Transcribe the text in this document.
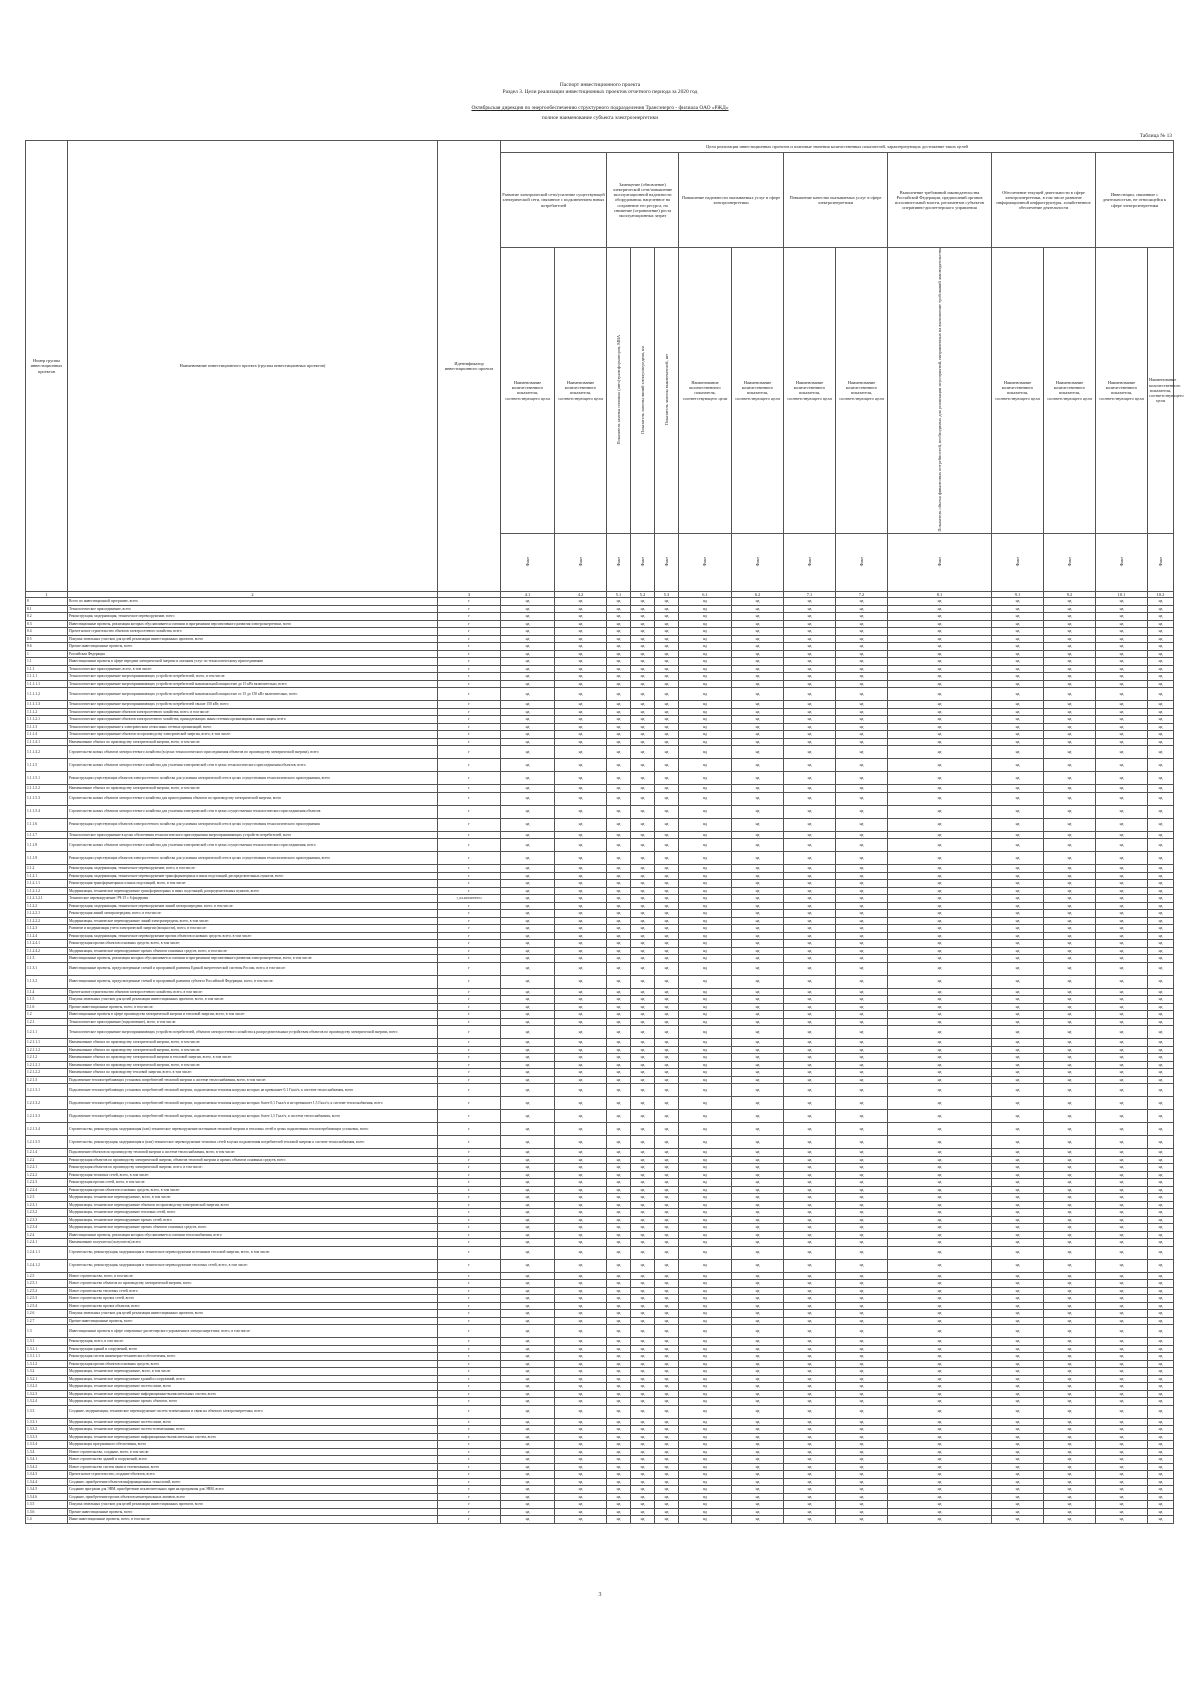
Паспорт инвестиционного проекта
Раздел 3. Цели реализации инвестиционных проектов отчетного периода за 2020 год
Октябрьская дирекция по энергообеспечению структурного подразделения Трансэнерго - филиала ОАО «РЖД»
полное наименование субъекта электроэнергетики
Таблица № 13
Номер группы инвестиционных проектов	Наименование инвестиционного проекта (группы инвестиционных проектов)	Идентификатор инвестиционного проекта	Цели реализации инвестиционных проектов и плановые значения количественных показателей, характеризующих достижение таких целей													
			Развитие электрической сети/усиление существующей электрической сети, связанное с подключением новых потребителей		Замещение (обновление) электрической сети/повышение эксплуатационной надежности оборудования, нацеленное на сохранение его ресурса, на снижение (ограничение) роста эксплуатационных затрат			Повышение надежности оказываемых услуг в сфере электроэнергетики		Повышение качества оказываемых услуг в сфере электроэнергетики		Выполнение требований законодательства Российской Федерации, предписаний органов исполнительной власти, регламентов субъектов оперативно-диспетчерского управления	Обеспечение текущей деятельности в сфере электроэнергетики, в том числе развитие информационной инфраструктуры, хозяйственное обеспечение деятельности		Инвестиции, связанные с деятельностью, не относящейся к сфере электроэнергетики	
			Наименование количественного показателя, соответствующего цели	Наименование количественного показателя, соответствующего цели	Показатель замены силовых (авто)трансформаторов, МВА	Показатель замены линий электропередачи, км	Показатель замены выключателей, шт	Наименование количественного показателя, соответствующего цели	Наименование количественного показателя, соответствующего цели	Наименование количественного показателя, соответствующего цели	Наименование количественного показателя, соответствующего цели	Показатель объема финансовых потребностей, необходимых для реализации мероприятий, направленных на выполнение требований законодательства	Наименование количественного показателя, соответствующего цели	Наименование количественного показателя, соответствующего цели	Наименование количественного показателя, соответствующего цели	Наименование количественного показателя, соответствующего цели
			Факт	Факт	Факт	Факт	Факт	Факт	Факт	Факт	Факт	Факт	Факт	Факт	Факт	Факт
1	2	3	4.1	4.2	5.1	5.2	5.3	6.1	6.2	7.1	7.2	8.1	9.1	9.2	10.1	10.2
0	Всего по инвестиционной программе, всего	Г	нд	нд	нд	нд	нд	нд	нд	нд	нд	нд	нд	нд	нд	нд
0.1	Технологическое присоединение, всего	Г	нд	нд	нд	нд	нд	нд	нд	нд	нд	нд	нд	нд	нд	нд
0.2	Реконструкция, модернизация, техническое перевооружение, всего	Г	нд	нд	нд	нд	нд	нд	нд	нд	нд	нд	нд	нд	нд	нд
0.3	Инвестиционные проекты, реализация которых обуславливается схемами и программами перспективного развития электроэнергетики, всего	Г	нд	нд	нд	нд	нд	нд	нд	нд	нд	нд	нд	нд	нд	нд
0.4	Прочее новое строительство объектов электросетевого хозяйства, всего	Г	нд	нд	нд	нд	нд	нд	нд	нд	нд	нд	нд	нд	нд	нд
0.5	Покупка земельных участков для целей реализации инвестиционных проектов, всего	Г	нд	нд	нд	нд	нд	нд	нд	нд	нд	нд	нд	нд	нд	нд
0.6	Прочие инвестиционные проекты, всего	Г	нд	нд	нд	нд	нд	нд	нд	нд	нд	нд	нд	нд	нд	нд
1	Российская Федерация	Г	нд	нд	нд	нд	нд	нд	нд	нд	нд	нд	нд	нд	нд	нд
1.1	Инвестиционные проекты в сфере передачи электрической энергии и оказания услуг по технологическому присоединению	Г	нд	нд	нд	нд	нд	нд	нд	нд	нд	нд	нд	нд	нд	нд
1.1.1	Технологическое присоединение, всего, в том числе:	Г	нд	нд	нд	нд	нд	нд	нд	нд	нд	нд	нд	нд	нд	нд
1.1.1.1	Технологическое присоединение энергопринимающих устройств потребителей, всего, в том числе:	Г	нд	нд	нд	нд	нд	нд	нд	нд	нд	нд	нд	нд	нд	нд
1.1.1.1.1	Технологическое присоединение энергопринимающих устройств потребителей максимальной мощностью до 15 кВт включительно, всего	Г	нд	нд	нд	нд	нд	нд	нд	нд	нд	нд	нд	нд	нд	нд
1.1.1.1.2	Технологическое присоединение энергопринимающих устройств потребителей максимальной мощностью от 15 до 150 кВт включительно, всего	Г	нд	нд	нд	нд	нд	нд	нд	нд	нд	нд	нд	нд	нд	нд
1.1.1.1.3	Технологическое присоединение энергопринимающих устройств потребителей свыше 150 кВт, всего	Г	нд	нд	нд	нд	нд	нд	нд	нд	нд	нд	нд	нд	нд	нд
1.1.1.2	Технологическое присоединение объектов электросетевого хозяйства, всего, в том числе:	Г	нд	нд	нд	нд	нд	нд	нд	нд	нд	нд	нд	нд	нд	нд
1.1.1.2.1	Технологическое присоединение объектов электросетевого хозяйства, принадлежащих иным сетевым организациям и иным лицам, всего	Г	нд	нд	нд	нд	нд	нд	нд	нд	нд	нд	нд	нд	нд	нд
1.1.1.3	Технологическое присоединение к электрическим сетям иных сетевых организаций, всего	Г	нд	нд	нд	нд	нд	нд	нд	нд	нд	нд	нд	нд	нд	нд
1.1.1.4	Технологическое присоединение объектов по производству электрической энергии, всего, в том числе:	Г	нд	нд	нд	нд	нд	нд	нд	нд	нд	нд	нд	нд	нд	нд
1.1.1.4.1	Наименование объекта по производству электрической энергии, всего, в том числе:	Г	нд	нд	нд	нд	нд	нд	нд	нд	нд	нд	нд	нд	нд	нд
1.1.1.4.2	Строительство новых объектов электросетевого хозяйства (в целях технологического присоединения объектов по производству электрической энергии), всего	Г	нд	нд	нд	нд	нд	нд	нд	нд	нд	нд	нд	нд	нд	нд
1.1.1.5	Строительство новых объектов электросетевого хозяйства для усиления электрической сети в целях технологического присоединения объектов, всего	Г	нд	нд	нд	нд	нд	нд	нд	нд	нд	нд	нд	нд	нд	нд
1.1.1.5.1	Реконструкция существующих объектов электросетевого хозяйства для усиления электрической сети в целях осуществления технологического присоединения, всего	Г	нд	нд	нд	нд	нд	нд	нд	нд	нд	нд	нд	нд	нд	нд
1.1.1.5.2	Наименование объекта по производству электрической энергии, всего, в том числе:	Г	нд	нд	нд	нд	нд	нд	нд	нд	нд	нд	нд	нд	нд	нд
1.1.1.5.3	Строительство новых объектов электросетевого хозяйства для присоединения объектов по производству электрической энергии, всего	Г	нд	нд	нд	нд	нд	нд	нд	нд	нд	нд	нд	нд	нд	нд
1.1.1.5.4	Строительство новых объектов электросетевого хозяйства для усиления электрической сети в целях осуществления технологического присоединения объектов	Г	нд	нд	нд	нд	нд	нд	нд	нд	нд	нд	нд	нд	нд	нд
1.1.1.6	Реконструкция существующих объектов электросетевого хозяйства для усиления электрической сети в целях осуществления технологического присоединения	Г	нд	нд	нд	нд	нд	нд	нд	нд	нд	нд	нд	нд	нд	нд
1.1.1.7	Технологическое присоединение в целях обеспечения технологического присоединения энергопринимающих устройств потребителей, всего	Г	нд	нд	нд	нд	нд	нд	нд	нд	нд	нд	нд	нд	нд	нд
1.1.1.8	Строительство новых объектов электросетевого хозяйства для усиления электрической сети в целях осуществления технологического присоединения, всего	Г	нд	нд	нд	нд	нд	нд	нд	нд	нд	нд	нд	нд	нд	нд
1.1.1.9	Реконструкция существующих объектов электросетевого хозяйства для усиления электрической сети в целях осуществления технологического присоединения, всего	Г	нд	нд	нд	нд	нд	нд	нд	нд	нд	нд	нд	нд	нд	нд
1.1.2	Реконструкция, модернизация, техническое перевооружение, всего, в том числе:	Г	нд	нд	нд	нд	нд	нд	нд	нд	нд	нд	нд	нд	нд	нд
1.1.2.1	Реконструкция, модернизация, техническое перевооружение трансформаторных и иных подстанций, распределительных пунктов, всего	Г	нд	нд	нд	нд	нд	нд	нд	нд	нд	нд	нд	нд	нд	нд
1.1.2.1.1	Реконструкция трансформаторных и иных подстанций, всего, в том числе:	Г	нд	нд	нд	нд	нд	нд	нд	нд	нд	нд	нд	нд	нд	нд
1.1.2.1.2	Модернизация, техническое перевооружение трансформаторных и иных подстанций, распределительных пунктов, всего	Г	нд	нд	нд	нд	нд	нд	нд	нд	нд	нд	нд	нд	нд	нд
1.1.2.1.2.1	Техническое перевооружение ЭЧ-15 с 6 фидерами	J_RLKHOEPEEO	нд	нд	нд	нд	нд	нд	нд	нд	нд	нд	нд	нд	нд	нд
1.1.2.2	Реконструкция, модернизация, техническое перевооружение линий электропередачи, всего, в том числе:	Г	нд	нд	нд	нд	нд	нд	нд	нд	нд	нд	нд	нд	нд	нд
1.1.2.2.1	Реконструкция линий электропередачи, всего, в том числе:	Г	нд	нд	нд	нд	нд	нд	нд	нд	нд	нд	нд	нд	нд	нд
1.1.2.2.2	Модернизация, техническое перевооружение линий электропередачи, всего, в том числе:	Г	нд	нд	нд	нд	нд	нд	нд	нд	нд	нд	нд	нд	нд	нд
1.1.2.3	Развитие и модернизация учета электрической энергии (мощности), всего, в том числе:	Г	нд	нд	нд	нд	нд	нд	нд	нд	нд	нд	нд	нд	нд	нд
1.1.2.4	Реконструкция, модернизация, техническое перевооружение прочих объектов основных средств, всего, в том числе:	Г	нд	нд	нд	нд	нд	нд	нд	нд	нд	нд	нд	нд	нд	нд
1.1.2.4.1	Реконструкция прочих объектов основных средств, всего, в том числе:	Г	нд	нд	нд	нд	нд	нд	нд	нд	нд	нд	нд	нд	нд	нд
1.1.2.4.2	Модернизация, техническое перевооружение прочих объектов основных средств, всего, в том числе:	Г	нд	нд	нд	нд	нд	нд	нд	нд	нд	нд	нд	нд	нд	нд
1.1.3	Инвестиционные проекты, реализация которых обуславливается схемами и программами перспективного развития электроэнергетики, всего, в том числе:	Г	нд	нд	нд	нд	нд	нд	нд	нд	нд	нд	нд	нд	нд	нд
1.1.3.1	Инвестиционные проекты, предусмотренные схемой и программой развития Единой энергетической системы России, всего, в том числе:	Г	нд	нд	нд	нд	нд	нд	нд	нд	нд	нд	нд	нд	нд	нд
1.1.3.2	Инвестиционные проекты, предусмотренные схемой и программой развития субъекта Российской Федерации, всего, в том числе:	Г	нд	нд	нд	нд	нд	нд	нд	нд	нд	нд	нд	нд	нд	нд
1.1.4	Прочее новое строительство объектов электросетевого хозяйства, всего, в том числе:	Г	нд	нд	нд	нд	нд	нд	нд	нд	нд	нд	нд	нд	нд	нд
1.1.5	Покупка земельных участков для целей реализации инвестиционных проектов, всего, в том числе:	Г	нд	нд	нд	нд	нд	нд	нд	нд	нд	нд	нд	нд	нд	нд
1.1.6	Прочие инвестиционные проекты, всего, в том числе:	Г	нд	нд	нд	нд	нд	нд	нд	нд	нд	нд	нд	нд	нд	нд
1.2	Инвестиционные проекты в сфере производства электрической энергии и тепловой энергии, всего, в том числе:	Г	нд	нд	нд	нд	нд	нд	нд	нд	нд	нд	нд	нд	нд	нд
1.2.1	Технологическое присоединение (подключение), всего, в том числе:	Г	нд	нд	нд	нд	нд	нд	нд	нд	нд	нд	нд	нд	нд	нд
1.2.1.1	Технологическое присоединение энергопринимающих устройств потребителей, объектов электросетевого хозяйства к распределительным устройствам объектов по производству электрической энергии, всего	Г	нд	нд	нд	нд	нд	нд	нд	нд	нд	нд	нд	нд	нд	нд
1.2.1.1.1	Наименование объекта по производству электрической энергии, всего, в том числе:	Г	нд	нд	нд	нд	нд	нд	нд	нд	нд	нд	нд	нд	нд	нд
1.2.1.1.2	Наименование объекта по производству электрической энергии, всего, в том числе:	Г	нд	нд	нд	нд	нд	нд	нд	нд	нд	нд	нд	нд	нд	нд
1.2.1.2	Наименование объекта по производству электрической энергии и тепловой энергии, всего, в том числе:	Г	нд	нд	нд	нд	нд	нд	нд	нд	нд	нд	нд	нд	нд	нд
1.2.1.2.1	Наименование объекта по производству электрической энергии, всего, в том числе:	Г	нд	нд	нд	нд	нд	нд	нд	нд	нд	нд	нд	нд	нд	нд
1.2.1.2.2	Наименование объекта по производству тепловой энергии, всего, в том числе:	Г	нд	нд	нд	нд	нд	нд	нд	нд	нд	нд	нд	нд	нд	нд
1.2.1.3	Подключение теплопотребляющих установок потребителей тепловой энергии к системе теплоснабжения, всего, в том числе:	Г	нд	нд	нд	нд	нд	нд	нд	нд	нд	нд	нд	нд	нд	нд
1.2.1.3.1	Подключение теплопотребляющих установок потребителей тепловой энергии, подключаемая тепловая нагрузка которых не превышает 0,1 Гкал/ч, к системе теплоснабжения, всего	Г	нд	нд	нд	нд	нд	нд	нд	нд	нд	нд	нд	нд	нд	нд
1.2.1.3.2	Подключение теплопотребляющих установок потребителей тепловой энергии, подключаемая тепловая нагрузка которых более 0,1 Гкал/ч и не превышает 1,5 Гкал/ч, к системе теплоснабжения, всего	Г	нд	нд	нд	нд	нд	нд	нд	нд	нд	нд	нд	нд	нд	нд
1.2.1.3.3	Подключение теплопотребляющих установок потребителей тепловой энергии, подключаемая тепловая нагрузка которых более 1,5 Гкал/ч, к системе теплоснабжения, всего	Г	нд	нд	нд	нд	нд	нд	нд	нд	нд	нд	нд	нд	нд	нд
1.2.1.3.4	Строительство, реконструкция, модернизация (или) техническое перевооружение источников тепловой энергии и тепловых сетей в целях подключения теплопотребляющих установок, всего	Г	нд	нд	нд	нд	нд	нд	нд	нд	нд	нд	нд	нд	нд	нд
1.2.1.3.5	Строительство, реконструкция, модернизация и (или) техническое перевооружение тепловых сетей в целях подключения потребителей тепловой энергии к системе теплоснабжения, всего	Г	нд	нд	нд	нд	нд	нд	нд	нд	нд	нд	нд	нд	нд	нд
1.2.1.4	Подключение объектов по производству тепловой энергии к системе теплоснабжения, всего, в том числе:	Г	нд	нд	нд	нд	нд	нд	нд	нд	нд	нд	нд	нд	нд	нд
1.2.2	Реконструкция объектов по производству электрической энергии, объектов тепловой энергии и прочих объектов основных средств, всего	Г	нд	нд	нд	нд	нд	нд	нд	нд	нд	нд	нд	нд	нд	нд
1.2.2.1	Реконструкция объектов по производству электрической энергии, всего, в том числе:	Г	нд	нд	нд	нд	нд	нд	нд	нд	нд	нд	нд	нд	нд	нд
1.2.2.2	Реконструкция тепловых сетей, всего, в том числе:	Г	нд	нд	нд	нд	нд	нд	нд	нд	нд	нд	нд	нд	нд	нд
1.2.2.3	Реконструкция прочих сетей, всего, в том числе:	Г	нд	нд	нд	нд	нд	нд	нд	нд	нд	нд	нд	нд	нд	нд
1.2.2.4	Реконструкция прочих объектов основных средств, всего, в том числе:	Г	нд	нд	нд	нд	нд	нд	нд	нд	нд	нд	нд	нд	нд	нд
1.2.3	Модернизация, техническое перевооружение, всего, в том числе:	Г	нд	нд	нд	нд	нд	нд	нд	нд	нд	нд	нд	нд	нд	нд
1.2.3.1	Модернизация, техническое перевооружение объектов по производству электрической энергии, всего	Г	нд	нд	нд	нд	нд	нд	нд	нд	нд	нд	нд	нд	нд	нд
1.2.3.2	Модернизация, техническое перевооружение тепловых сетей, всего	Г	нд	нд	нд	нд	нд	нд	нд	нд	нд	нд	нд	нд	нд	нд
1.2.3.3	Модернизация, техническое перевооружение прочих сетей, всего	Г	нд	нд	нд	нд	нд	нд	нд	нд	нд	нд	нд	нд	нд	нд
1.2.3.4	Модернизация, техническое перевооружение прочих объектов основных средств, всего	Г	нд	нд	нд	нд	нд	нд	нд	нд	нд	нд	нд	нд	нд	нд
1.2.4	Инвестиционные проекты, реализация которых обуславливается схемами теплоснабжения, всего	Г	нд	нд	нд	нд	нд	нд	нд	нд	нд	нд	нд	нд	нд	нд
1.2.4.1	Наименование получателя (получатель) всего	Г	нд	нд	нд	нд	нд	нд	нд	нд	нд	нд	нд	нд	нд	нд
1.2.4.1.1	Строительство, реконструкция, модернизация и техническое перевооружение источников тепловой энергии, всего, в том числе:	Г	нд	нд	нд	нд	нд	нд	нд	нд	нд	нд	нд	нд	нд	нд
1.2.4.1.2	Строительство, реконструкция, модернизация и техническое перевооружение тепловых сетей, всего, в том числе:	Г	нд	нд	нд	нд	нд	нд	нд	нд	нд	нд	нд	нд	нд	нд
1.2.5	Новое строительство, всего, в том числе:	Г	нд	нд	нд	нд	нд	нд	нд	нд	нд	нд	нд	нд	нд	нд
1.2.5.1	Новое строительство объектов по производству электрической энергии, всего	Г	нд	нд	нд	нд	нд	нд	нд	нд	нд	нд	нд	нд	нд	нд
1.2.5.2	Новое строительство тепловых сетей, всего	Г	нд	нд	нд	нд	нд	нд	нд	нд	нд	нд	нд	нд	нд	нд
1.2.5.3	Новое строительство прочих сетей, всего	Г	нд	нд	нд	нд	нд	нд	нд	нд	нд	нд	нд	нд	нд	нд
1.2.5.4	Новое строительство прочих объектов, всего	Г	нд	нд	нд	нд	нд	нд	нд	нд	нд	нд	нд	нд	нд	нд
1.2.6	Покупка земельных участков для целей реализации инвестиционных проектов, всего	Г	нд	нд	нд	нд	нд	нд	нд	нд	нд	нд	нд	нд	нд	нд
1.2.7	Прочие инвестиционные проекты, всего	Г	нд	нд	нд	нд	нд	нд	нд	нд	нд	нд	нд	нд	нд	нд
1.3	Инвестиционные проекты в сфере оперативно-диспетчерского управления в электроэнергетике, всего, в том числе:	Г	нд	нд	нд	нд	нд	нд	нд	нд	нд	нд	нд	нд	нд	нд
1.3.1	Реконструкция, всего, в том числе:	Г	нд	нд	нд	нд	нд	нд	нд	нд	нд	нд	нд	нд	нд	нд
1.3.1.1	Реконструкция зданий и сооружений, всего	Г	нд	нд	нд	нд	нд	нд	нд	нд	нд	нд	нд	нд	нд	нд
1.3.1.1.1	Реконструкция систем инженерно-технического обеспечения, всего	Г	нд	нд	нд	нд	нд	нд	нд	нд	нд	нд	нд	нд	нд	нд
1.3.1.2	Реконструкция прочих объектов основных средств, всего	Г	нд	нд	нд	нд	нд	нд	нд	нд	нд	нд	нд	нд	нд	нд
1.3.2	Модернизация, техническое перевооружение, всего, в том числе:	Г	нд	нд	нд	нд	нд	нд	нд	нд	нд	нд	нд	нд	нд	нд
1.3.2.1	Модернизация, техническое перевооружение зданий и сооружений, всего	Г	нд	нд	нд	нд	нд	нд	нд	нд	нд	нд	нд	нд	нд	нд
1.3.2.2	Модернизация, техническое перевооружение систем связи, всего	Г	нд	нд	нд	нд	нд	нд	нд	нд	нд	нд	нд	нд	нд	нд
1.3.2.3	Модернизация, техническое перевооружение информационно-вычислительных систем, всего	Г	нд	нд	нд	нд	нд	нд	нд	нд	нд	нд	нд	нд	нд	нд
1.3.2.4	Модернизация, техническое перевооружение прочих объектов, всего	Г	нд	нд	нд	нд	нд	нд	нд	нд	нд	нд	нд	нд	нд	нд
1.3.3	Создание, модернизация, техническое перевооружение систем телемеханики и связи на объектах электроэнергетики, всего	Г	нд	нд	нд	нд	нд	нд	нд	нд	нд	нд	нд	нд	нд	нд
1.3.3.1	Модернизация, техническое перевооружение систем связи, всего	Г	нд	нд	нд	нд	нд	нд	нд	нд	нд	нд	нд	нд	нд	нд
1.3.3.2	Модернизация, техническое перевооружение систем телемеханики, всего	Г	нд	нд	нд	нд	нд	нд	нд	нд	нд	нд	нд	нд	нд	нд
1.3.3.3	Модернизация, техническое перевооружение информационно-вычислительных систем, всего	Г	нд	нд	нд	нд	нд	нд	нд	нд	нд	нд	нд	нд	нд	нд
1.3.3.4	Модернизация программного обеспечения, всего	Г	нд	нд	нд	нд	нд	нд	нд	нд	нд	нд	нд	нд	нд	нд
1.3.4	Новое строительство, создание, всего, в том числе:	Г	нд	нд	нд	нд	нд	нд	нд	нд	нд	нд	нд	нд	нд	нд
1.3.4.1	Новое строительство зданий и сооружений, всего	Г	нд	нд	нд	нд	нд	нд	нд	нд	нд	нд	нд	нд	нд	нд
1.3.4.2	Новое строительство систем связи и телемеханики, всего	Г	нд	нд	нд	нд	нд	нд	нд	нд	нд	нд	нд	нд	нд	нд
1.3.4.3	Прочее новое строительство, создание объектов, всего	Г	нд	нд	нд	нд	нд	нд	нд	нд	нд	нд	нд	нд	нд	нд
1.3.4.4	Создание, приобретение объектов информационных технологий, всего	Г	нд	нд	нд	нд	нд	нд	нд	нд	нд	нд	нд	нд	нд	нд
1.3.4.5	Создание программ для ЭВМ, приобретение исключительных прав на программы для ЭВМ, всего	Г	нд	нд	нд	нд	нд	нд	нд	нд	нд	нд	нд	нд	нд	нд
1.3.4.6	Создание, приобретение прочих объектов нематериальных активов, всего	Г	нд	нд	нд	нд	нд	нд	нд	нд	нд	нд	нд	нд	нд	нд
1.3.5	Покупка земельных участков для целей реализации инвестиционных проектов, всего	Г	нд	нд	нд	нд	нд	нд	нд	нд	нд	нд	нд	нд	нд	нд
1.3.6	Прочие инвестиционные проекты, всего	Г	нд	нд	нд	нд	нд	нд	нд	нд	нд	нд	нд	нд	нд	нд
1.4	Иные инвестиционные проекты, всего, в том числе:	Г	нд	нд	нд	нд	нд	нд	нд	нд	нд	нд	нд	нд	нд	нд
3
